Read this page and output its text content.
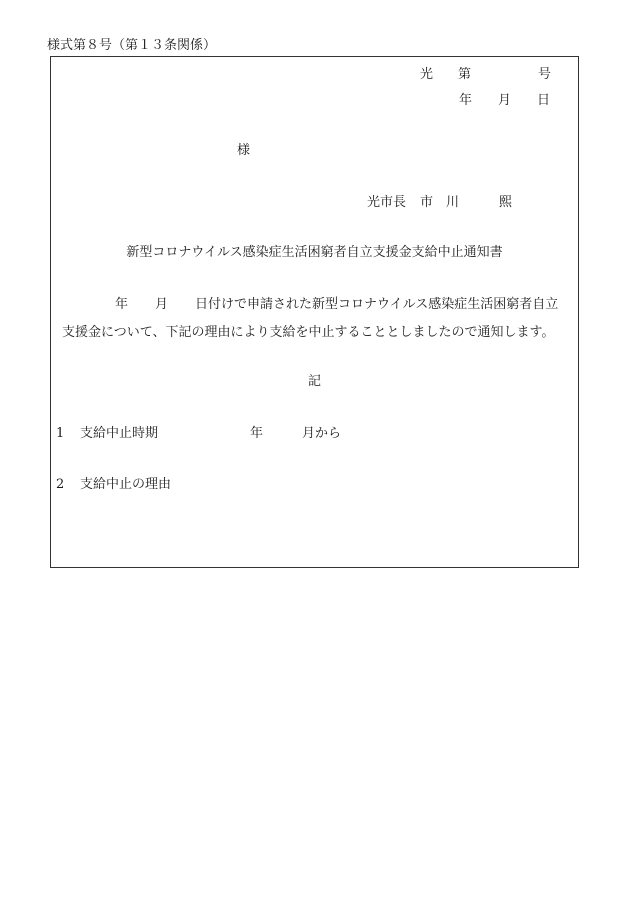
様式第８号（第１３条関係）
光 第	号
年 月 日
様
光市長 市　川	熙
新型コロナウイルス感染症生活困窮者自立支援金支給中止通知書
年 月 日付けで申請された新型コロナウイルス感染症生活困窮者自立
支援金について、下記の理由により支給を中止することとしましたので通知します。
記
1 支給中止時期	年	月から
2 支給中止の理由
